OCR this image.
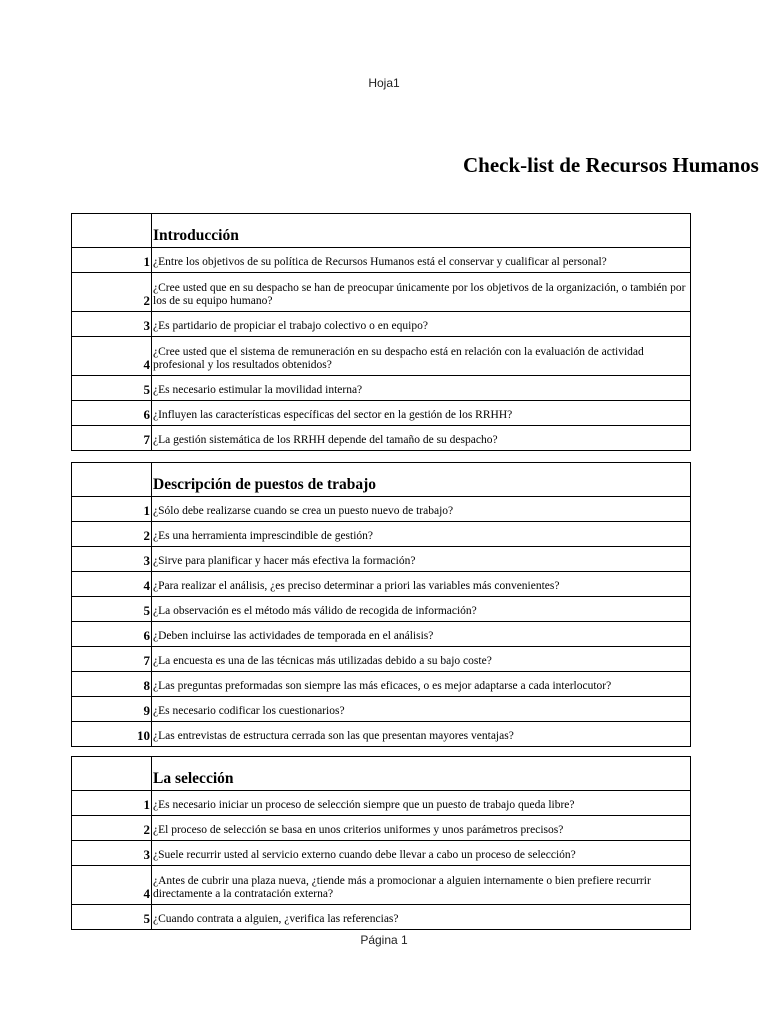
Hoja1
Check-list de Recursos Humanos
	Introducción
1	¿Entre los objetivos de su política de Recursos Humanos está el conservar y cualificar al personal?
2	¿Cree usted que en su despacho se han de preocupar únicamente por los objetivos de la organización, o también por los de su equipo humano?
3	¿Es partidario de propiciar el trabajo colectivo o en equipo?
4	¿Cree usted que el sistema de remuneración en su despacho está en relación con la evaluación de actividad profesional y los resultados obtenidos?
5	¿Es necesario estimular la movilidad interna?
6	¿Influyen las características específicas del sector en la gestión de los RRHH?
7	¿La gestión sistemática de los RRHH depende del tamaño de su despacho?
	Descripción de puestos de trabajo
1	¿Sólo debe realizarse cuando se crea un puesto nuevo de trabajo?
2	¿Es una herramienta imprescindible de gestión?
3	¿Sirve para planificar y hacer más efectiva la formación?
4	¿Para realizar el análisis, ¿es preciso determinar a priori las variables más convenientes?
5	¿La observación es el método más válido de recogida de información?
6	¿Deben incluirse las actividades de temporada en el análisis?
7	¿La encuesta es una de las técnicas más utilizadas debido a su bajo coste?
8	¿Las preguntas preformadas son siempre las más eficaces, o es mejor adaptarse a cada interlocutor?
9	¿Es necesario codificar los cuestionarios?
10	¿Las entrevistas de estructura cerrada son las que presentan mayores ventajas?
	La selección
1	¿Es necesario iniciar un proceso de selección siempre que un puesto de trabajo queda libre?
2	¿El proceso de selección se basa en unos criterios uniformes y unos parámetros precisos?
3	¿Suele recurrir usted al servicio externo cuando debe llevar a cabo un proceso de selección?
4	¿Antes de cubrir una plaza nueva, ¿tiende más a promocionar a alguien internamente o bien prefiere recurrir directamente a la contratación externa?
5	¿Cuando contrata a alguien, ¿verifica las referencias?
Página 1
